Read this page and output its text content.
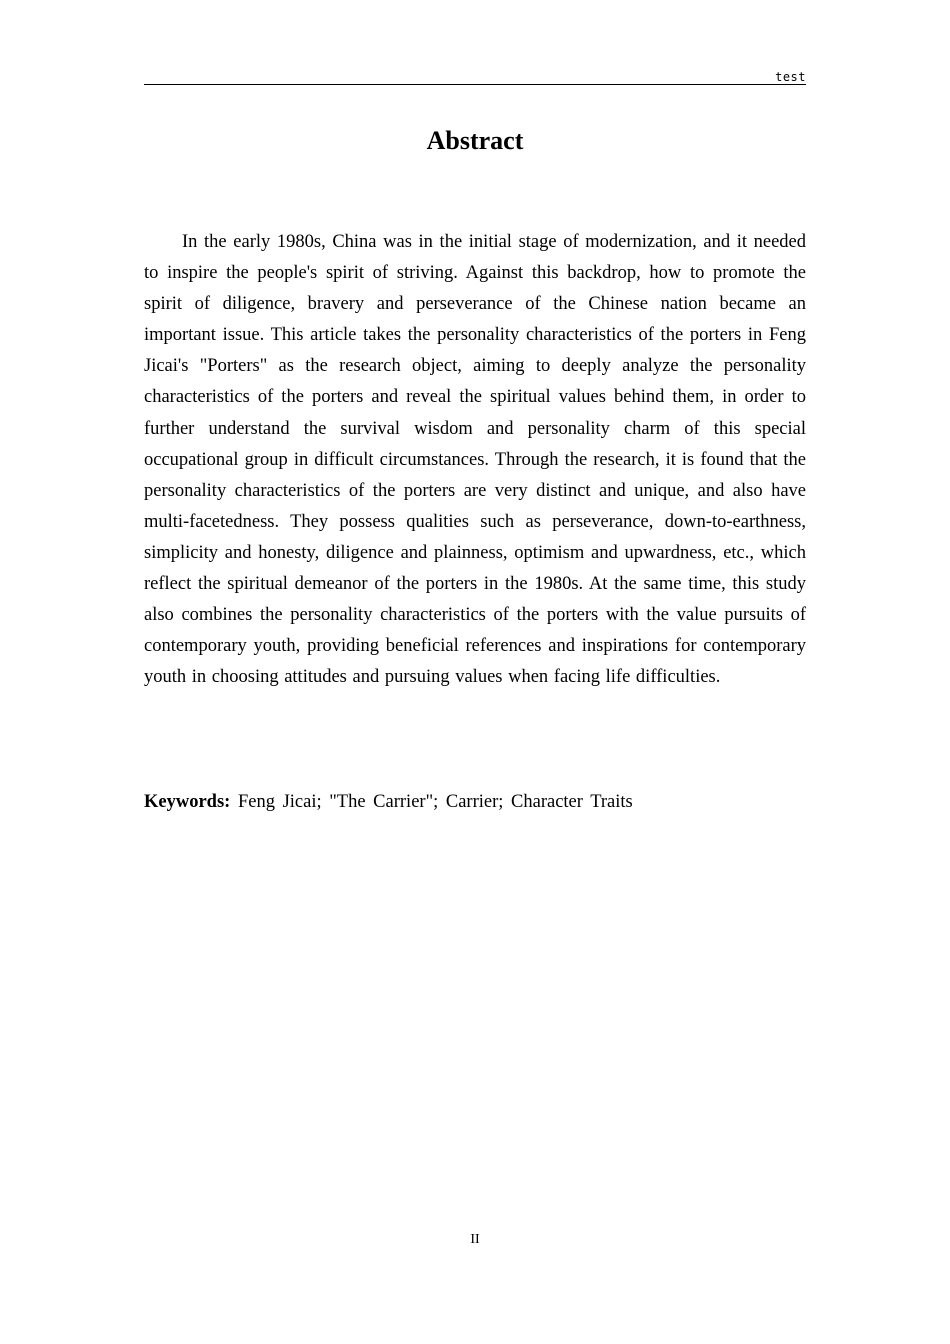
test
Abstract

In the early 1980s, China was in the initial stage of modernization, and it needed to inspire the people's spirit of striving. Against this backdrop, how to promote the spirit of diligence, bravery and perseverance of the Chinese nation became an important issue. This article takes the personality characteristics of the porters in Feng Jicai's "Porters" as the research object, aiming to deeply analyze the personality characteristics of the porters and reveal the spiritual values behind them, in order to further understand the survival wisdom and personality charm of this special occupational group in difficult circumstances. Through the research, it is found that the personality characteristics of the porters are very distinct and unique, and also have multi-facetedness. They possess qualities such as perseverance, down-to-earthness, simplicity and honesty, diligence and plainness, optimism and upwardness, etc., which reflect the spiritual demeanor of the porters in the 1980s. At the same time, this study also combines the personality characteristics of the porters with the value pursuits of contemporary youth, providing beneficial references and inspirations for contemporary youth in choosing attitudes and pursuing values when facing life difficulties.

Keywords: Feng Jicai; "The Carrier"; Carrier; Character Traits

II
